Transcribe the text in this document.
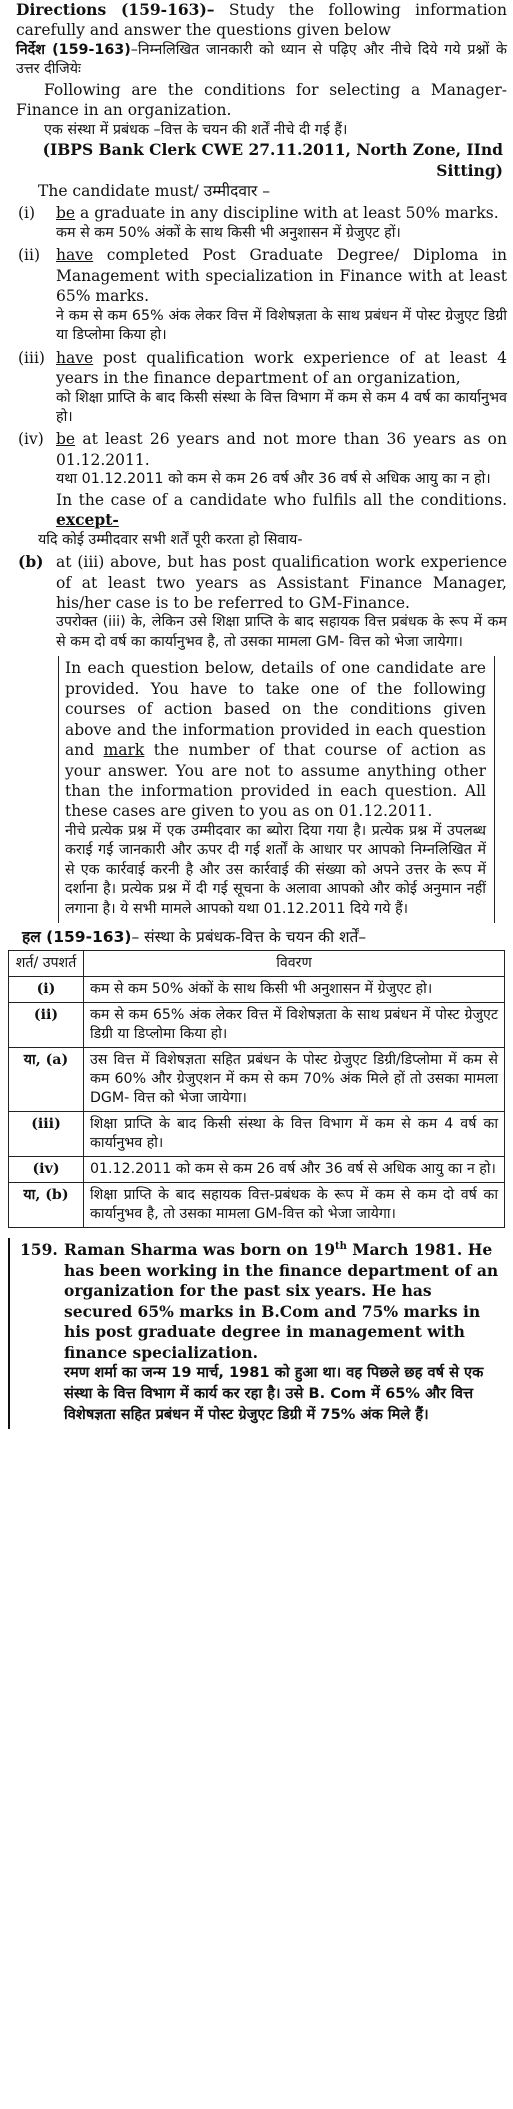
Directions (159-163)– Study the following information carefully and answer the questions given below

निर्देश (159-163)–निम्नलिखित जानकारी को ध्यान से पढ़िए और नीचे दिये गये प्रश्नों के उत्तर दीजियेः

Following are the conditions for selecting a Manager-Finance in an organization.

एक संस्था में प्रबंधक –वित्त के चयन की शर्तें नीचे दी गई हैं।

(IBPS Bank Clerk CWE 27.11.2011, North Zone, IInd Sitting)

The candidate must/ उम्मीदवार –

(i)	be a graduate in any discipline with at least 50% marks.

कम से कम 50% अंकों के साथ किसी भी अनुशासन में ग्रेजुएट हों।

(ii)	have completed Post Graduate Degree/ Diploma in Management with specialization in Finance with at least 65% marks.

ने कम से कम 65% अंक लेकर वित्त में विशेषज्ञता के साथ प्रबंधन में पोस्ट ग्रेजुएट डिग्री या डिप्लोमा किया हो।

(iii) have post qualification work experience of at least 4 years in the finance department of an organization,

को शिक्षा प्राप्ति के बाद किसी संस्था के वित्त विभाग में कम से कम 4 वर्ष का कार्यानुभव हो।

(iv) be at least 26 years and not more than 36 years as on 01.12.2011.

यथा 01.12.2011 को कम से कम 26 वर्ष और 36 वर्ष से अधिक आयु का न हो।

In the case of a candidate who fulfils all the conditions. except-

यदि कोई उम्मीदवार सभी शर्तें पूरी करता हो सिवाय-

(b) at (iii) above, but has post qualification work experience of at least two years as Assistant Finance Manager, his/her case is to be referred to GM-Finance.

उपरोक्त (iii) के, लेकिन उसे शिक्षा प्राप्ति के बाद सहायक वित्त प्रबंधक के रूप में कम से कम दो वर्ष का कार्यानुभव है, तो उसका मामला GM- वित्त को भेजा जायेगा।

In each question below, details of one candidate are provided. You have to take one of the following courses of action based on the conditions given above and the information provided in each question and mark the number of that course of action as your answer. You are not to assume anything other than the information provided in each question. All these cases are given to you as on 01.12.2011.

नीचे प्रत्येक प्रश्न में एक उम्मीदवार का ब्योरा दिया गया है। प्रत्येक प्रश्न में उपलब्ध कराई गई जानकारी और ऊपर दी गई शर्तों के आधार पर आपको निम्नलिखित में से एक कार्रवाई करनी है और उस कार्रवाई की संख्या को अपने उत्तर के रूप में दर्शाना है। प्रत्येक प्रश्न में दी गई सूचना के अलावा आपको और कोई अनुमान नहीं लगाना है। ये सभी मामले आपको यथा 01.12.2011 दिये गये हैं।

हल (159-163)– संस्था के प्रबंधक-वित्त के चयन की शर्तें–

शर्त/ उपशर्त	विवरण
(i)	कम से कम 50% अंकों के साथ किसी भी अनुशासन में ग्रेजुएट हो।
(ii)	कम से कम 65% अंक लेकर वित्त में विशेषज्ञता के साथ प्रबंधन में पोस्ट ग्रेजुएट डिग्री या डिप्लोमा किया हो।
या, (a)	उस वित्त में विशेषज्ञता सहित प्रबंधन के पोस्ट ग्रेजुएट डिग्री/डिप्लोमा में कम से कम 60% और ग्रेजुएशन में कम से कम 70% अंक मिले हों तो उसका मामला DGM- वित्त को भेजा जायेगा।
(iii)	शिक्षा प्राप्ति के बाद किसी संस्था के वित्त विभाग में कम से कम 4 वर्ष का कार्यानुभव हो।
(iv)	01.12.2011 को कम से कम 26 वर्ष और 36 वर्ष से अधिक आयु का न हो।
या, (b)	शिक्षा प्राप्ति के बाद सहायक वित्त-प्रबंधक के रूप में कम से कम दो वर्ष का कार्यानुभव है, तो उसका मामला GM-वित्त को भेजा जायेगा।
159. Raman Sharma was born on 19th March 1981. He has been working in the finance department of an organization for the past six years. He has secured 65% marks in B.Com and 75% marks in his post graduate degree in management with finance specialization.

रमण शर्मा का जन्म 19 मार्च, 1981 को हुआ था। वह पिछले छह वर्ष से एक संस्था के वित्त विभाग में कार्य कर रहा है। उसे B. Com में 65% और वित्त विशेषज्ञता सहित प्रबंधन में पोस्ट ग्रेजुएट डिग्री में 75% अंक मिले हैं।
